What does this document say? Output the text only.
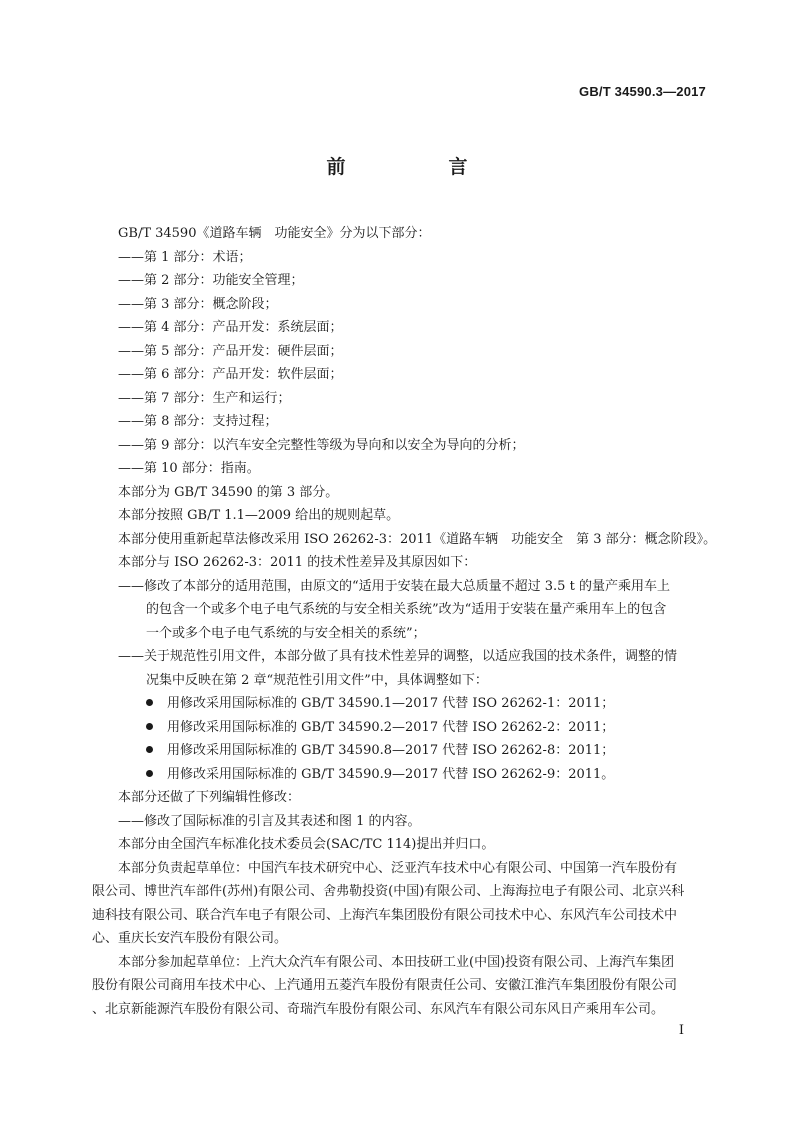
GB/T 34590.3—2017
前　言
GB/T 34590《道路车辆　功能安全》分为以下部分：
——第 1 部分：术语；
——第 2 部分：功能安全管理；
——第 3 部分：概念阶段；
——第 4 部分：产品开发：系统层面；
——第 5 部分：产品开发：硬件层面；
——第 6 部分：产品开发：软件层面；
——第 7 部分：生产和运行；
——第 8 部分：支持过程；
——第 9 部分：以汽车安全完整性等级为导向和以安全为导向的分析；
——第 10 部分：指南。
本部分为 GB/T 34590 的第 3 部分。
本部分按照 GB/T 1.1—2009 给出的规则起草。
本部分使用重新起草法修改采用 ISO 26262-3：2011《道路车辆　功能安全　第 3 部分：概念阶段》。
本部分与 ISO 26262-3：2011 的技术性差异及其原因如下：
——修改了本部分的适用范围，由原文的“适用于安装在最大总质量不超过 3.5 t 的量产乘用车上
的包含一个或多个电子电气系统的与安全相关系统”改为“适用于安装在量产乘用车上的包含
一个或多个电子电气系统的与安全相关的系统”；
——关于规范性引用文件，本部分做了具有技术性差异的调整，以适应我国的技术条件，调整的情
况集中反映在第 2 章“规范性引用文件”中，具体调整如下：
用修改采用国际标准的 GB/T 34590.1—2017 代替 ISO 26262-1：2011；
用修改采用国际标准的 GB/T 34590.2—2017 代替 ISO 26262-2：2011；
用修改采用国际标准的 GB/T 34590.8—2017 代替 ISO 26262-8：2011；
用修改采用国际标准的 GB/T 34590.9—2017 代替 ISO 26262-9：2011。
本部分还做了下列编辑性修改：
——修改了国际标准的引言及其表述和图 1 的内容。
本部分由全国汽车标准化技术委员会(SAC/TC 114)提出并归口。
本部分负责起草单位：中国汽车技术研究中心、泛亚汽车技术中心有限公司、中国第一汽车股份有
限公司、博世汽车部件(苏州)有限公司、舍弗勒投资(中国)有限公司、上海海拉电子有限公司、北京兴科
迪科技有限公司、联合汽车电子有限公司、上海汽车集团股份有限公司技术中心、东风汽车公司技术中
心、重庆长安汽车股份有限公司。
本部分参加起草单位：上汽大众汽车有限公司、本田技研工业(中国)投资有限公司、上海汽车集团
股份有限公司商用车技术中心、上汽通用五菱汽车股份有限责任公司、安徽江淮汽车集团股份有限公司
、北京新能源汽车股份有限公司、奇瑞汽车股份有限公司、东风汽车有限公司东风日产乘用车公司。
I
